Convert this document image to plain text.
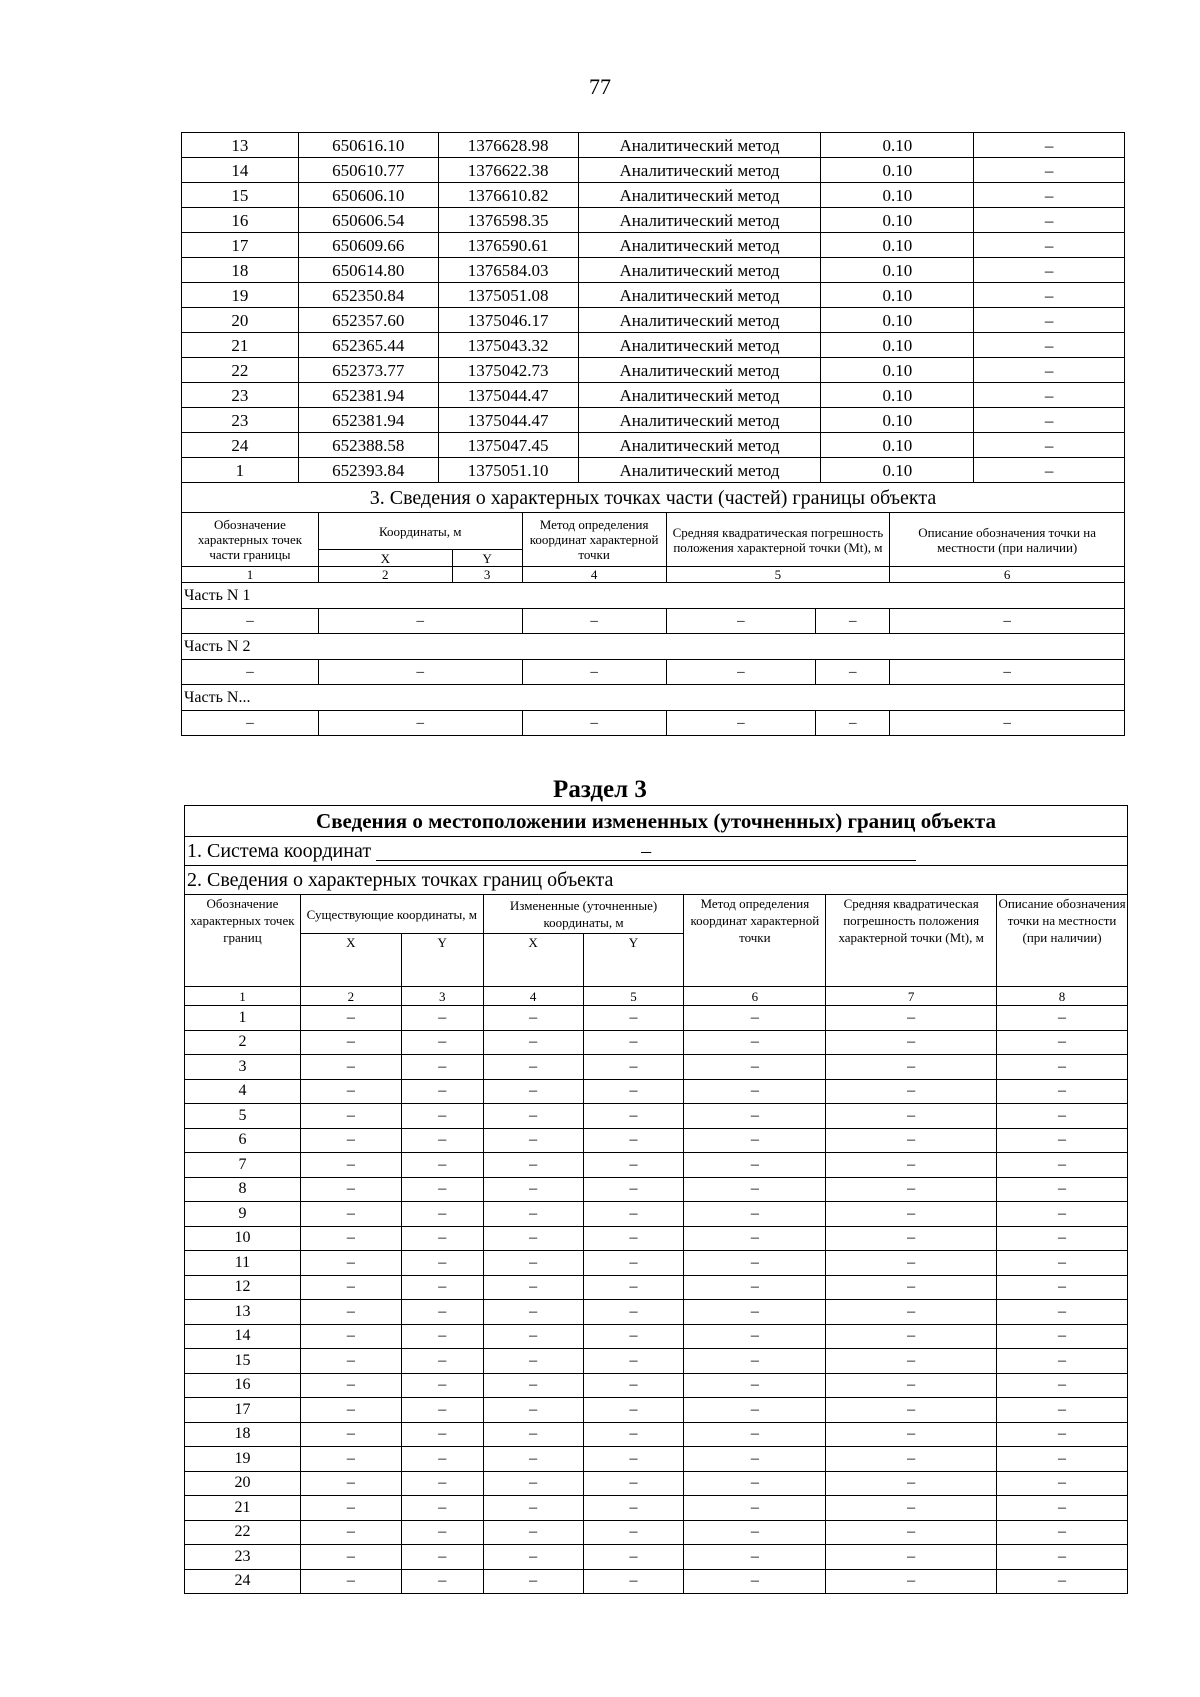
77
13	650616.10	1376628.98	Аналитический метод	0.10	–
14	650610.77	1376622.38	Аналитический метод	0.10	–
15	650606.10	1376610.82	Аналитический метод	0.10	–
16	650606.54	1376598.35	Аналитический метод	0.10	–
17	650609.66	1376590.61	Аналитический метод	0.10	–
18	650614.80	1376584.03	Аналитический метод	0.10	–
19	652350.84	1375051.08	Аналитический метод	0.10	–
20	652357.60	1375046.17	Аналитический метод	0.10	–
21	652365.44	1375043.32	Аналитический метод	0.10	–
22	652373.77	1375042.73	Аналитический метод	0.10	–
23	652381.94	1375044.47	Аналитический метод	0.10	–
23	652381.94	1375044.47	Аналитический метод	0.10	–
24	652388.58	1375047.45	Аналитический метод	0.10	–
1	652393.84	1375051.10	Аналитический метод	0.10	–
3. Сведения о характерных точках части (частей) границы объекта						
Обозначение характерных точек части границы	Координаты, м		Метод определения координат характерной точки	Средняя квадратическая погрешность положения характерной точки (Mt), м		Описание обозначения точки на местности (при наличии)
	X	Y				
1	2	3	4	5		6
Часть N 1						
–	–		–	–	–	–
Часть N 2						
–	–		–	–	–	–
Часть N...						
–	–		–	–	–	–
Раздел 3
Сведения о местоположении измененных (уточненных) границ объекта							
1. Система координат –							
2. Сведения о характерных точках границ объекта							
Обозначение характерных точек границ	Существующие координаты, м		Измененные (уточненные) координаты, м		Метод определения координат характерной точки	Средняя квадратическая погрешность положения характерной точки (Mt), м	Описание обозначения точки на местности (при наличии)
	X	Y	X	Y			
1	2	3	4	5	6	7	8
1	–	–	–	–	–	–	–
2	–	–	–	–	–	–	–
3	–	–	–	–	–	–	–
4	–	–	–	–	–	–	–
5	–	–	–	–	–	–	–
6	–	–	–	–	–	–	–
7	–	–	–	–	–	–	–
8	–	–	–	–	–	–	–
9	–	–	–	–	–	–	–
10	–	–	–	–	–	–	–
11	–	–	–	–	–	–	–
12	–	–	–	–	–	–	–
13	–	–	–	–	–	–	–
14	–	–	–	–	–	–	–
15	–	–	–	–	–	–	–
16	–	–	–	–	–	–	–
17	–	–	–	–	–	–	–
18	–	–	–	–	–	–	–
19	–	–	–	–	–	–	–
20	–	–	–	–	–	–	–
21	–	–	–	–	–	–	–
22	–	–	–	–	–	–	–
23	–	–	–	–	–	–	–
24	–	–	–	–	–	–	–
